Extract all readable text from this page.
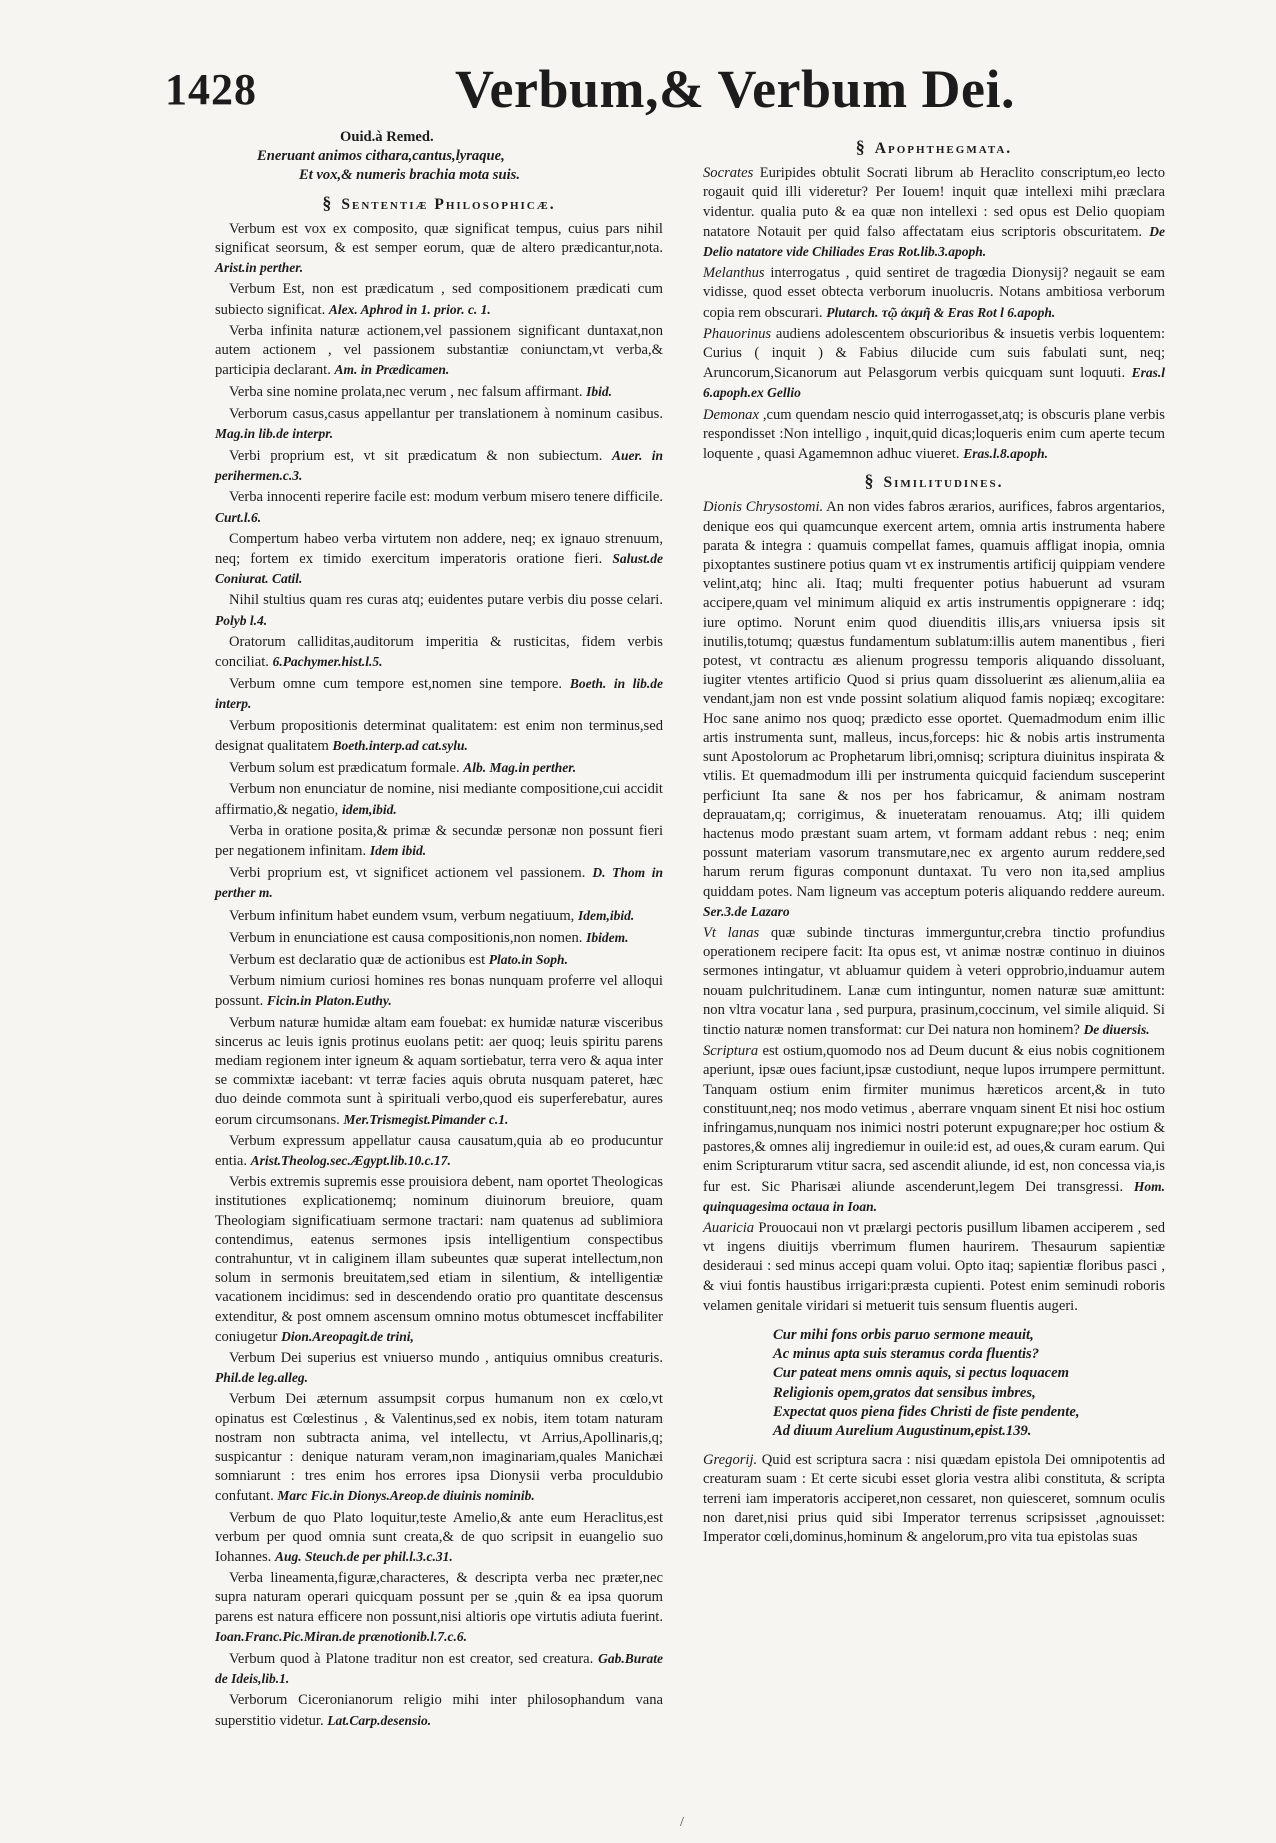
1428	Verbum,& Verbum Dei.
Ouid.à Remed.
Eneruant animos cithara,cantus,lyraque,
Et vox,& numeris brachia mota suis.
§ Sententiæ Philosophicæ.

Verbum est vox ex composito, quæ significat tempus, cuius pars nihil significat seorsum, & est semper eorum, quæ de altero prædicantur,nota. Arist.in perther.

Verbum Est, non est prædicatum , sed compositionem prædicati cum subiecto significat. Alex. Aphrod in 1. prior. c. 1.

Verba infinita naturæ actionem,vel passionem significant duntaxat,non autem actionem , vel passionem substantiæ coniunctam,vt verba,& participia declarant. Am. in Prædicamen.

Verba sine nomine prolata,nec verum , nec falsum affirmant. Ibid.

Verborum casus,casus appellantur per translationem à nominum casibus. Mag.in lib.de interpr.

Verbi proprium est, vt sit prædicatum & non subiectum. Auer. in perihermen.c.3.

Verba innocenti reperire facile est: modum verbum misero tenere difficile. Curt.l.6.

Compertum habeo verba virtutem non addere, neq; ex ignauo strenuum, neq; fortem ex timido exercitum imperatoris oratione fieri. Salust.de Coniurat. Catil.

Nihil stultius quam res curas atq; euidentes putare verbis diu posse celari. Polyb l.4.

Oratorum calliditas,auditorum imperitia & rusticitas, fidem verbis conciliat. 6.Pachymer.hist.l.5.

Verbum omne cum tempore est,nomen sine tempore. Boeth. in lib.de interp.

Verbum propositionis determinat qualitatem: est enim non terminus,sed designat qualitatem Boeth.interp.ad cat.sylu.

Verbum solum est prædicatum formale. Alb. Mag.in perther.

Verbum non enunciatur de nomine, nisi mediante compositione,cui accidit affirmatio,& negatio, idem,ibid.

Verba in oratione posita,& primæ & secundæ personæ non possunt fieri per negationem infinitam. Idem ibid.

Verbi proprium est, vt significet actionem vel passionem. D. Thom in perther m.

Verbum infinitum habet eundem vsum, verbum negatiuum, Idem,ibid.

Verbum in enunciatione est causa compositionis,non nomen. Ibidem.

Verbum est declaratio quæ de actionibus est Plato.in Soph.

Verbum nimium curiosi homines res bonas nunquam proferre vel alloqui possunt. Ficin.in Platon.Euthy.

Verbum naturæ humidæ altam eam fouebat: ex humidæ naturæ visceribus sincerus ac leuis ignis protinus euolans petit: aer quoq; leuis spiritu parens mediam regionem inter igneum & aquam sortiebatur, terra vero & aqua inter se commixtæ iacebant: vt terræ facies aquis obruta nusquam pateret, hæc duo deinde commota sunt à spirituali verbo,quod eis superferebatur, aures eorum circumsonans. Mer.Trismegist.Pimander c.1.

Verbum expressum appellatur causa causatum,quia ab eo producuntur entia. Arist.Theolog.sec.Ægypt.lib.10.c.17.

Verbis extremis supremis esse prouisiora debent, nam oportet Theologicas institutiones explicationemq; nominum diuinorum breuiore, quam Theologiam significatiuam sermone tractari: nam quatenus ad sublimiora contendimus, eatenus sermones ipsis intelligentium conspectibus contrahuntur, vt in caliginem illam subeuntes quæ superat intellectum,non solum in sermonis breuitatem,sed etiam in silentium, & intelligentiæ vacationem incidimus: sed in descendendo oratio pro quantitate descensus extenditur, & post omnem ascensum omnino motus obtumescet incffabiliter coniugetur Dion.Areopagit.de trini,

Verbum Dei superius est vniuerso mundo , antiquius omnibus creaturis. Phil.de leg.alleg.

Verbum Dei æternum assumpsit corpus humanum non ex cœlo,vt opinatus est Cœlestinus , & Valentinus,sed ex nobis, item totam naturam nostram non subtracta anima, vel intellectu, vt Arrius,Apollinaris,q; suspicantur : denique naturam veram,non imaginariam,quales Manichæi somniarunt : tres enim hos errores ipsa Dionysii verba proculdubio confutant. Marc Fic.in Dionys.Areop.de diuinis nominib.

Verbum de quo Plato loquitur,teste Amelio,& ante eum Heraclitus,est verbum per quod omnia sunt creata,& de quo scripsit in euangelio suo Iohannes. Aug. Steuch.de per phil.l.3.c.31.

Verba lineamenta,figuræ,characteres, & descripta verba nec præter,nec supra naturam operari quicquam possunt per se ,quin & ea ipsa quorum parens est natura efficere non possunt,nisi altioris ope virtutis adiuta fuerint. Ioan.Franc.Pic.Miran.de prænotionib.l.7.c.6.

Verbum quod à Platone traditur non est creator, sed creatura. Gab.Burate de Ideis,lib.1.

Verborum Ciceronianorum religio mihi inter philosophandum vana superstitio videtur. Lat.Carp.desensio.

§ Apophthegmata.

Socrates Euripides obtulit Socrati librum ab Heraclito conscriptum,eo lecto rogauit quid illi videretur? Per Iouem! inquit quæ intellexi mihi præclara videntur. qualia puto & ea quæ non intellexi : sed opus est Delio quopiam natatore Notauit per quid falso affectatam eius scriptoris obscuritatem. De Delio natatore vide Chiliades Eras Rot.lib.3.apoph.

Melanthus interrogatus , quid sentiret de tragœdia Dionysij? negauit se eam vidisse, quod esset obtecta verborum inuolucris. Notans ambitiosa verborum copia rem obscurari. Plutarch. τῷ ἀκμῆ & Eras Rot l 6.apoph.

Phauorinus audiens adolescentem obscurioribus & insuetis verbis loquentem: Curius ( inquit ) & Fabius dilucide cum suis fabulati sunt, neq; Aruncorum,Sicanorum aut Pelasgorum verbis quicquam sunt loquuti. Eras.l 6.apoph.ex Gellio

Demonax ,cum quendam nescio quid interrogasset,atq; is obscuris plane verbis respondisset :Non intelligo , inquit,quid dicas;loqueris enim cum aperte tecum loquente , quasi Agamemnon adhuc viueret. Eras.l.8.apoph.

§ Similitudines.

Dionis Chrysostomi. An non vides fabros ærarios, aurifices, fabros argentarios, denique eos qui quamcunque exercent artem, omnia artis instrumenta habere parata & integra : quamuis compellat fames, quamuis affligat inopia, omnia pixoptantes sustinere potius quam vt ex instrumentis artificij quippiam vendere velint,atq; hinc ali. Itaq; multi frequenter potius habuerunt ad vsuram accipere,quam vel minimum aliquid ex artis instrumentis oppignerare : idq; iure optimo. Norunt enim quod diuenditis illis,ars vniuersa ipsis sit inutilis,totumq; quæstus fundamentum sublatum:illis autem manentibus , fieri potest, vt contractu æs alienum progressu temporis aliquando dissoluant, iugiter vtentes artificio Quod si prius quam dissoluerint æs alienum,aliia ea vendant,jam non est vnde possint solatium aliquod famis nopiæq; excogitare: Hoc sane animo nos quoq; prædicto esse oportet. Quemadmodum enim illic artis instrumenta sunt, malleus, incus,forceps: hic & nobis artis instrumenta sunt Apostolorum ac Prophetarum libri,omnisq; scriptura diuinitus inspirata & vtilis. Et quemadmodum illi per instrumenta quicquid faciendum susceperint perficiunt Ita sane & nos per hos fabricamur, & animam nostram deprauatam,q; corrigimus, & inueteratam renouamus. Atq; illi quidem hactenus modo præstant suam artem, vt formam addant rebus : neq; enim possunt materiam vasorum transmutare,nec ex argento aurum reddere,sed harum rerum figuras componunt duntaxat. Tu vero non ita,sed amplius quiddam potes. Nam ligneum vas acceptum poteris aliquando reddere aureum. Ser.3.de Lazaro

Vt lanas quæ subinde tincturas immerguntur,crebra tinctio profundius operationem recipere facit: Ita opus est, vt animæ nostræ continuo in diuinos sermones intingatur, vt abluamur quidem à veteri opprobrio,induamur autem nouam pulchritudinem. Lanæ cum intinguntur, nomen naturæ suæ amittunt: non vltra vocatur lana , sed purpura, prasinum,coccinum, vel simile aliquid. Si tinctio naturæ nomen transformat: cur Dei natura non hominem? De diuersis.

Scriptura est ostium,quomodo nos ad Deum ducunt & eius nobis cognitionem aperiunt, ipsæ oues faciunt,ipsæ custodiunt, neque lupos irrumpere permittunt. Tanquam ostium enim firmiter munimus hæreticos arcent,& in tuto constituunt,neq; nos modo vetimus , aberrare vnquam sinent Et nisi hoc ostium infringamus,nunquam nos inimici nostri poterunt expugnare;per hoc ostium & pastores,& omnes alij ingrediemur in ouile:id est, ad oues,& curam earum. Qui enim Scripturarum vtitur sacra, sed ascendit aliunde, id est, non concessa via,is fur est. Sic Pharisæi aliunde ascenderunt,legem Dei transgressi. Hom. quinquagesima octaua in Ioan.

Auaricia Prouocaui non vt prælargi pectoris pusillum libamen acciperem , sed vt ingens diuitijs vberrimum flumen haurirem. Thesaurum sapientiæ desideraui : sed minus accepi quam volui. Opto itaq; sapientiæ floribus pasci , & viui fontis haustibus irrigari:præsta cupienti. Potest enim seminudi roboris velamen genitale viridari si metuerit tuis sensum fluentis augeri.

Cur mihi fons orbis paruo sermone meauit,
Ac minus apta suis steramus corda fluentis?
Cur pateat mens omnis aquis, si pectus loquacem
Religionis opem,gratos dat sensibus imbres,
Expectat quos piena fides Christi de fiste pendente,
Ad diuum Aurelium Augustinum,epist.139.

Gregorij. Quid est scriptura sacra : nisi quædam epistola Dei omnipotentis ad creaturam suam : Et certe sicubi esset gloria vestra alibi constituta, & scripta terreni iam imperatoris acciperet,non cessaret, non quiesceret, somnum oculis non daret,nisi prius quid sibi Imperator terrenus scripsisset ,agnouisset: Imperator cœli,dominus,hominum & angelorum,pro vita tua epistolas suas

/
